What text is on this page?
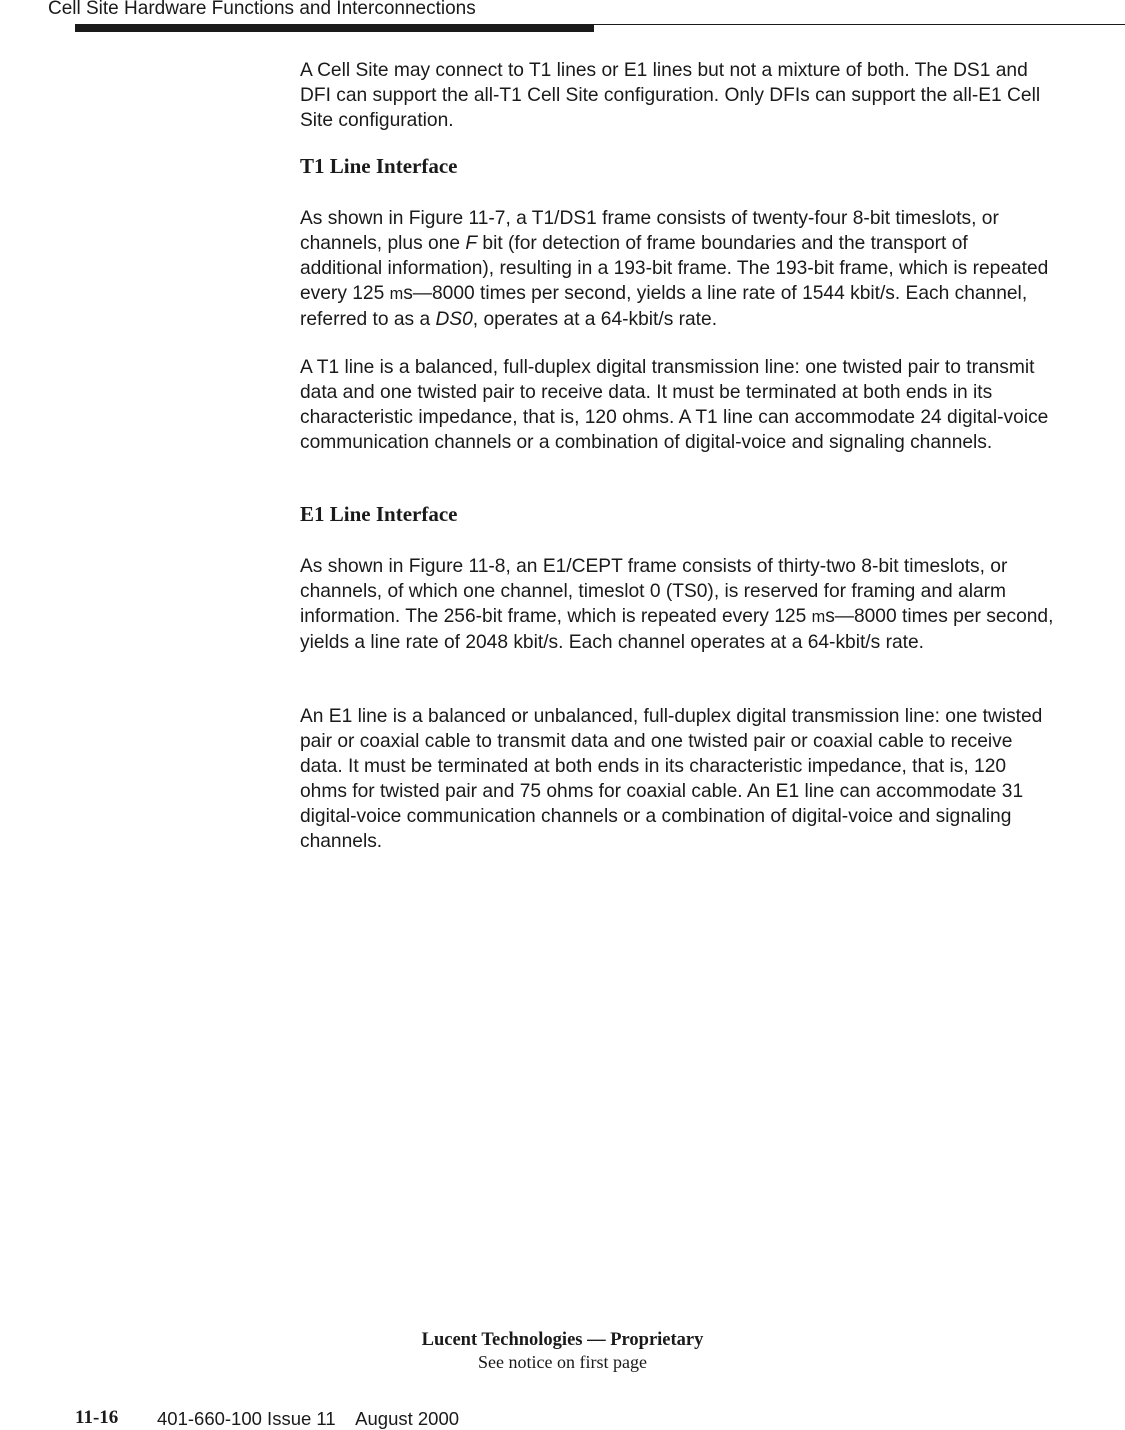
Cell Site Hardware Functions and Interconnections

A Cell Site may connect to T1 lines or E1 lines but not a mixture of both. The DS1 and DFI can support the all-T1 Cell Site configuration. Only DFIs can support the all-E1 Cell Site configuration.

T1 Line Interface

As shown in Figure 11-7, a T1/DS1 frame consists of twenty-four 8-bit timeslots, or channels, plus one F bit (for detection of frame boundaries and the transport of additional information), resulting in a 193-bit frame. The 193-bit frame, which is repeated every 125 ms—8000 times per second, yields a line rate of 1544 kbit/s. Each channel, referred to as a DS0, operates at a 64-kbit/s rate.

A T1 line is a balanced, full-duplex digital transmission line: one twisted pair to transmit data and one twisted pair to receive data. It must be terminated at both ends in its characteristic impedance, that is, 120 ohms. A T1 line can accommodate 24 digital-voice communication channels or a combination of digital-voice and signaling channels.

E1 Line Interface

As shown in Figure 11-8, an E1/CEPT frame consists of thirty-two 8-bit timeslots, or channels, of which one channel, timeslot 0 (TS0), is reserved for framing and alarm information. The 256-bit frame, which is repeated every 125 ms—8000 times per second, yields a line rate of 2048 kbit/s. Each channel operates at a 64-kbit/s rate.

An E1 line is a balanced or unbalanced, full-duplex digital transmission line: one twisted pair or coaxial cable to transmit data and one twisted pair or coaxial cable to receive data. It must be terminated at both ends in its characteristic impedance, that is, 120 ohms for twisted pair and 75 ohms for coaxial cable. An E1 line can accommodate 31 digital-voice communication channels or a combination of digital-voice and signaling channels.

Lucent Technologies — Proprietary
See notice on first page
11-16 401-660-100 Issue 11    August 2000
